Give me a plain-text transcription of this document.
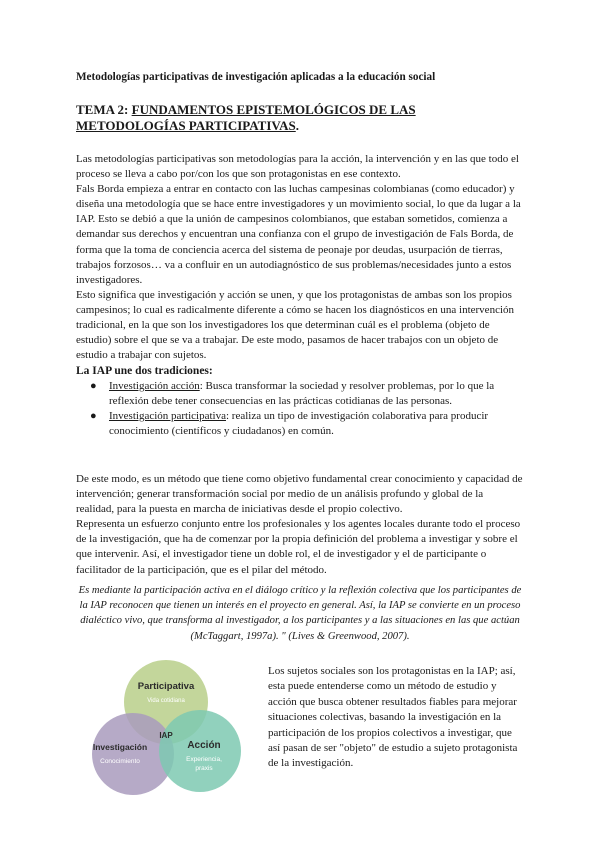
Metodologías participativas de investigación aplicadas a la educación social
TEMA 2: FUNDAMENTOS EPISTEMOLÓGICOS DE LAS METODOLOGÍAS PARTICIPATIVAS.

Las metodologías participativas son metodologías para la acción, la intervención y en las que todo el proceso se lleva a cabo por/con los que son protagonistas en ese contexto.

Fals Borda empieza a entrar en contacto con las luchas campesinas colombianas (como educador) y diseña una metodología que se hace entre investigadores y un movimiento social, lo que da lugar a la IAP. Esto se debió a que la unión de campesinos colombianos, que estaban sometidos, comienza a demandar sus derechos y encuentran una confianza con el grupo de investigación de Fals Borda, de forma que la toma de conciencia acerca del sistema de peonaje por deudas, usurpación de tierras, trabajos forzosos… va a confluir en un autodiagnóstico de sus problemas/necesidades junto a estos investigadores.

Esto significa que investigación y acción se unen, y que los protagonistas de ambas son los propios campesinos; lo cual es radicalmente diferente a cómo se hacen los diagnósticos en una intervención tradicional, en la que son los investigadores los que determinan cuál es el problema (objeto de estudio) sobre el que se va a trabajar. De este modo, pasamos de hacer trabajos con un objeto de estudio a trabajar con sujetos.

La IAP une dos tradiciones:
● Investigación acción: Busca transformar la sociedad y resolver problemas, por lo que la reflexión debe tener consecuencias en las prácticas cotidianas de las personas.
● Investigación participativa: realiza un tipo de investigación colaborativa para producir conocimiento (científicos y ciudadanos) en común.

De este modo, es un método que tiene como objetivo fundamental crear conocimiento y capacidad de intervención; generar transformación social por medio de un análisis profundo y global de la realidad, para la puesta en marcha de iniciativas desde el propio colectivo.

Representa un esfuerzo conjunto entre los profesionales y los agentes locales durante todo el proceso de la investigación, que ha de comenzar por la propia definición del problema a investigar y sobre el que intervenir. Así, el investigador tiene un doble rol, el de investigador y el de participante o facilitador de la participación, que es el pilar del método.

Es mediante la participación activa en el diálogo crítico y la reflexión colectiva que los participantes de la IAP reconocen que tienen un interés en el proyecto en general. Así, la IAP se convierte en un proceso dialéctico vivo, que transforma al investigador, a los participantes y a las situaciones en las que actúan (McTaggart, 1997a). " (Lives & Greenwood, 2007).
Participativa
Vida cotidiana
Investigación
Conocimiento
Acción
Experiencia,
praxis
IAP
Los sujetos sociales son los protagonistas en la IAP; así, esta puede entenderse como un método de estudio y acción que busca obtener resultados fiables para mejorar situaciones colectivas, basando la investigación en la participación de los propios colectivos a investigar, que así pasan de ser "objeto" de estudio a sujeto protagonista de la investigación.
